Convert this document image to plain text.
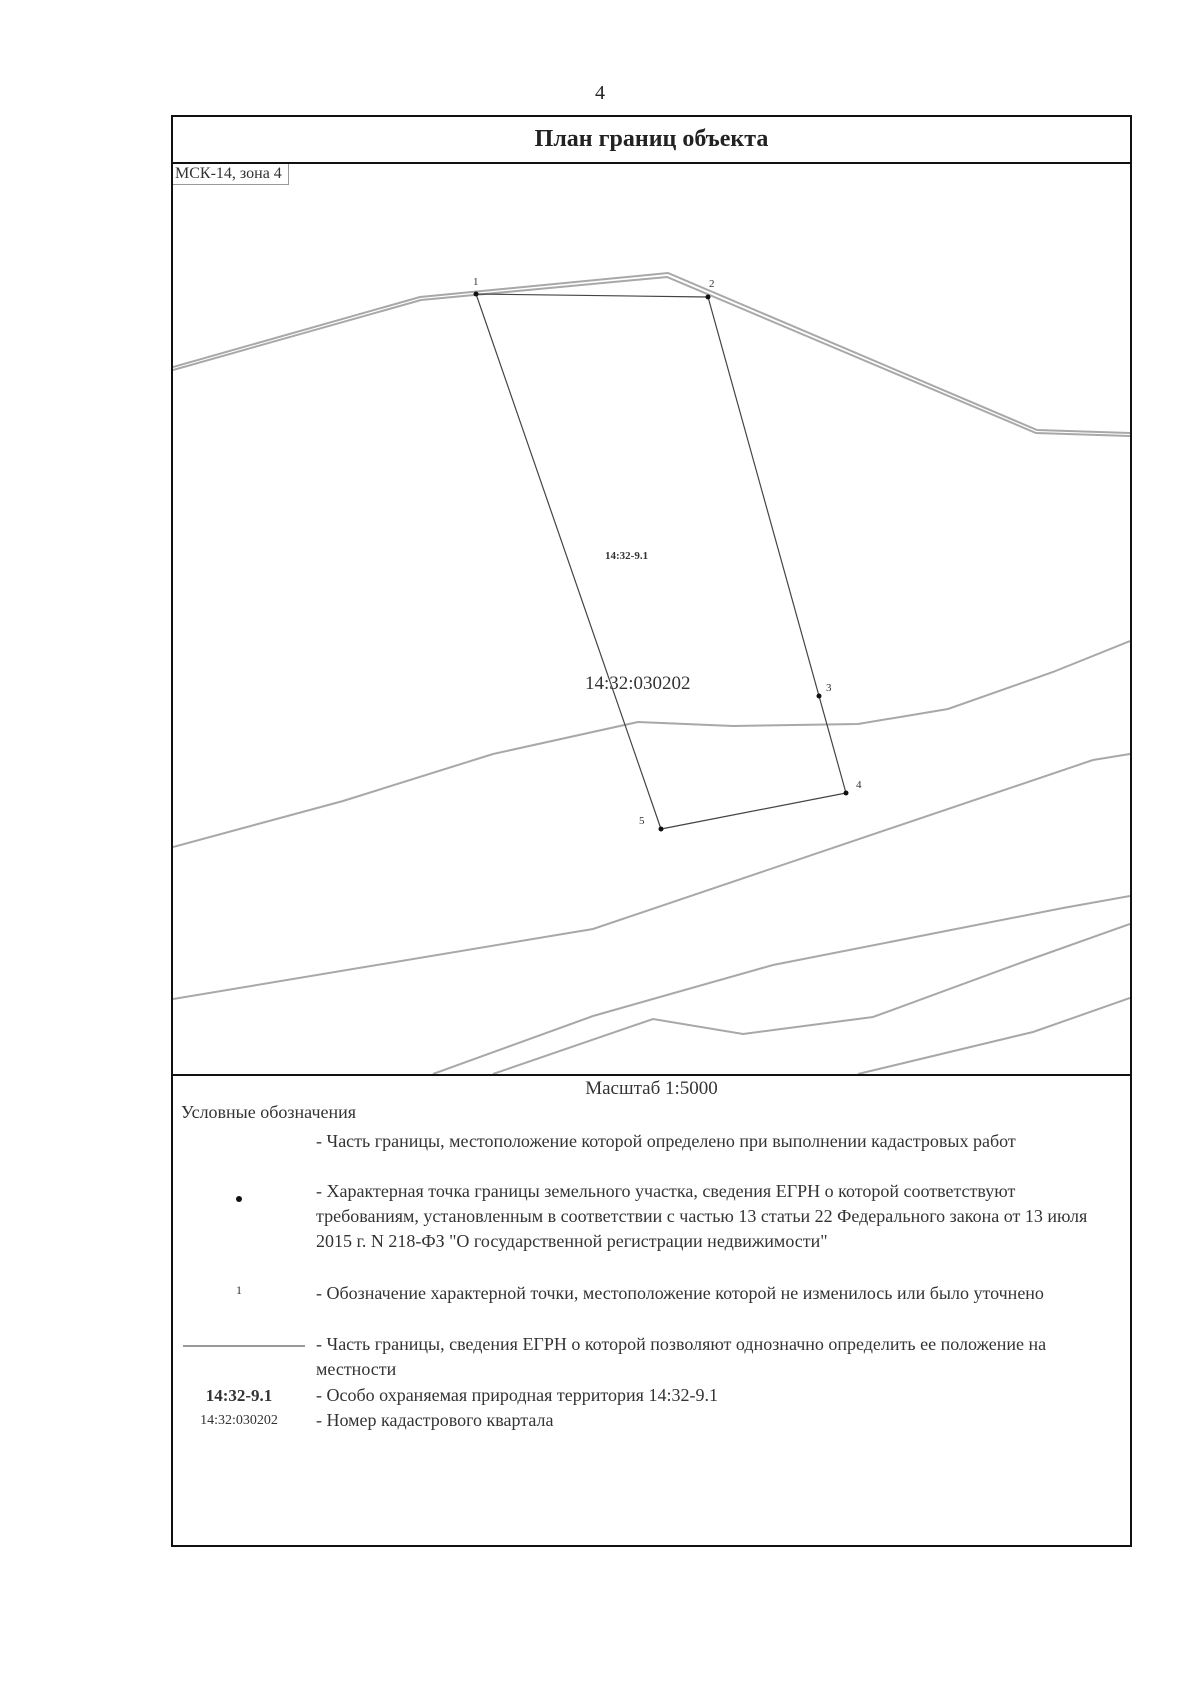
4
План границ объекта
1	2
3
4
5
14:32-9.1
14:32:030202
МСК-14, зона 4
Масштаб 1:5000
Условные обозначения
- Часть границы, местоположение которой определено при выполнении кадастровых работ
- Характерная точка границы земельного участка, сведения ЕГРН о которой соответствуют требованиям, установленным в соответствии с частью 13 статьи 22 Федерального закона от 13 июля 2015 г. N 218-ФЗ "О государственной регистрации недвижимости"
1	- Обозначение характерной точки, местоположение которой не изменилось или было уточнено
- Часть границы, сведения ЕГРН о которой позволяют однозначно определить ее положение на местности
14:32-9.1	- Особо охраняемая природная территория 14:32-9.1
14:32:030202	- Номер кадастрового квартала
